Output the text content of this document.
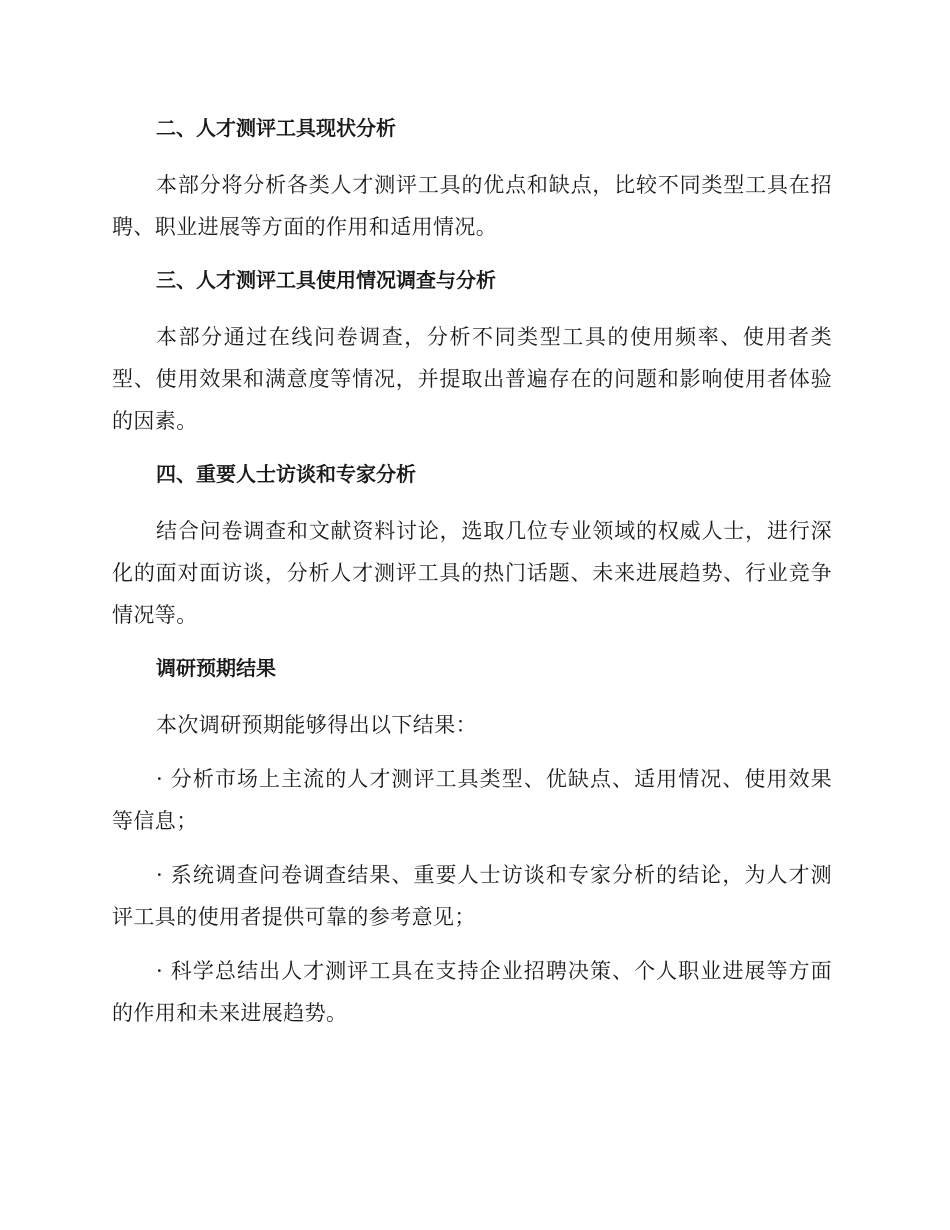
二、人才测评工具现状分析
本部分将分析各类人才测评工具的优点和缺点，比较不同类型工具在招聘、职业进展等方面的作用和适用情况。
三、人才测评工具使用情况调查与分析
本部分通过在线问卷调查，分析不同类型工具的使用频率、使用者类型、使用效果和满意度等情况，并提取出普遍存在的问题和影响使用者体验的因素。
四、重要人士访谈和专家分析
结合问卷调查和文献资料讨论，选取几位专业领域的权威人士，进行深化的面对面访谈，分析人才测评工具的热门话题、未来进展趋势、行业竞争情况等。
调研预期结果
本次调研预期能够得出以下结果：
· 分析市场上主流的人才测评工具类型、优缺点、适用情况、使用效果等信息；
· 系统调查问卷调查结果、重要人士访谈和专家分析的结论，为人才测评工具的使用者提供可靠的参考意见；
· 科学总结出人才测评工具在支持企业招聘决策、个人职业进展等方面的作用和未来进展趋势。
